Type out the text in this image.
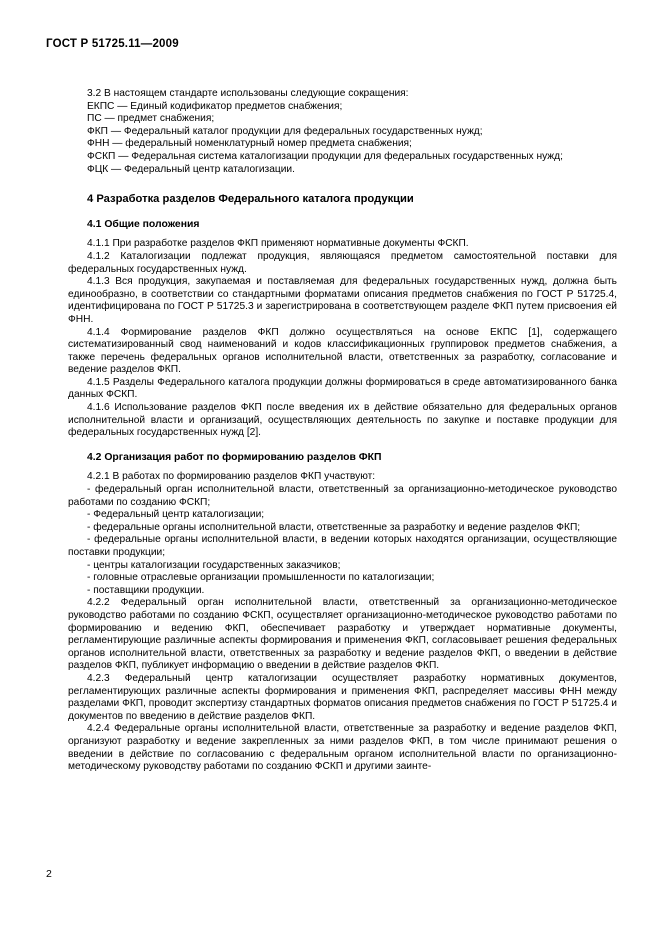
ГОСТ Р 51725.11—2009

3.2 В настоящем стандарте использованы следующие сокращения:

ЕКПС — Единый кодификатор предметов снабжения;

ПС — предмет снабжения;

ФКП — Федеральный каталог продукции для федеральных государственных нужд;

ФНН — федеральный номенклатурный номер предмета снабжения;

ФСКП — Федеральная система каталогизации продукции для федеральных государственных нужд;

ФЦК — Федеральный центр каталогизации.

4 Разработка разделов Федерального каталога продукции

4.1 Общие положения

4.1.1 При разработке разделов ФКП применяют нормативные документы ФСКП.

4.1.2 Каталогизации подлежат продукция, являющаяся предметом самостоятельной поставки для федеральных государственных нужд.

4.1.3 Вся продукция, закупаемая и поставляемая для федеральных государственных нужд, должна быть единообразно, в соответствии со стандартными форматами описания предметов снабжения по ГОСТ Р 51725.4, идентифицирована по ГОСТ Р 51725.3 и зарегистрирована в соответствующем разделе ФКП путем присвоения ей ФНН.

4.1.4 Формирование разделов ФКП должно осуществляться на основе ЕКПС [1], содержащего систематизированный свод наименований и кодов классификационных группировок предметов снабжения, а также перечень федеральных органов исполнительной власти, ответственных за разработку, согласование и ведение разделов ФКП.

4.1.5 Разделы Федерального каталога продукции должны формироваться в среде автоматизированного банка данных ФСКП.

4.1.6 Использование разделов ФКП после введения их в действие обязательно для федеральных органов исполнительной власти и организаций, осуществляющих деятельность по закупке и поставке продукции для федеральных государственных нужд [2].

4.2 Организация работ по формированию разделов ФКП

4.2.1 В работах по формированию разделов ФКП участвуют:

- федеральный орган исполнительной власти, ответственный за организационно-методическое руководство работами по созданию ФСКП;

- Федеральный центр каталогизации;

- федеральные органы исполнительной власти, ответственные за разработку и ведение разделов ФКП;

- федеральные органы исполнительной власти, в ведении которых находятся организации, осуществляющие поставки продукции;

- центры каталогизации государственных заказчиков;

- головные отраслевые организации промышленности по каталогизации;

- поставщики продукции.

4.2.2 Федеральный орган исполнительной власти, ответственный за организационно-методическое руководство работами по созданию ФСКП, осуществляет организационно-методическое руководство работами по формированию и ведению ФКП, обеспечивает разработку и утверждает нормативные документы, регламентирующие различные аспекты формирования и применения ФКП, согласовывает решения федеральных органов исполнительной власти, ответственных за разработку и ведение разделов ФКП, о введении в действие разделов ФКП, публикует информацию о введении в действие разделов ФКП.

4.2.3 Федеральный центр каталогизации осуществляет разработку нормативных документов, регламентирующих различные аспекты формирования и применения ФКП, распределяет массивы ФНН между разделами ФКП, проводит экспертизу стандартных форматов описания предметов снабжения по ГОСТ Р 51725.4 и документов по введению в действие разделов ФКП.

4.2.4 Федеральные органы исполнительной власти, ответственные за разработку и ведение разделов ФКП, организуют разработку и ведение закрепленных за ними разделов ФКП, в том числе принимают решения о введении в действие по согласованию с федеральным органом исполнительной власти по организационно-методическому руководству работами по созданию ФСКП и другими заинте-

2
